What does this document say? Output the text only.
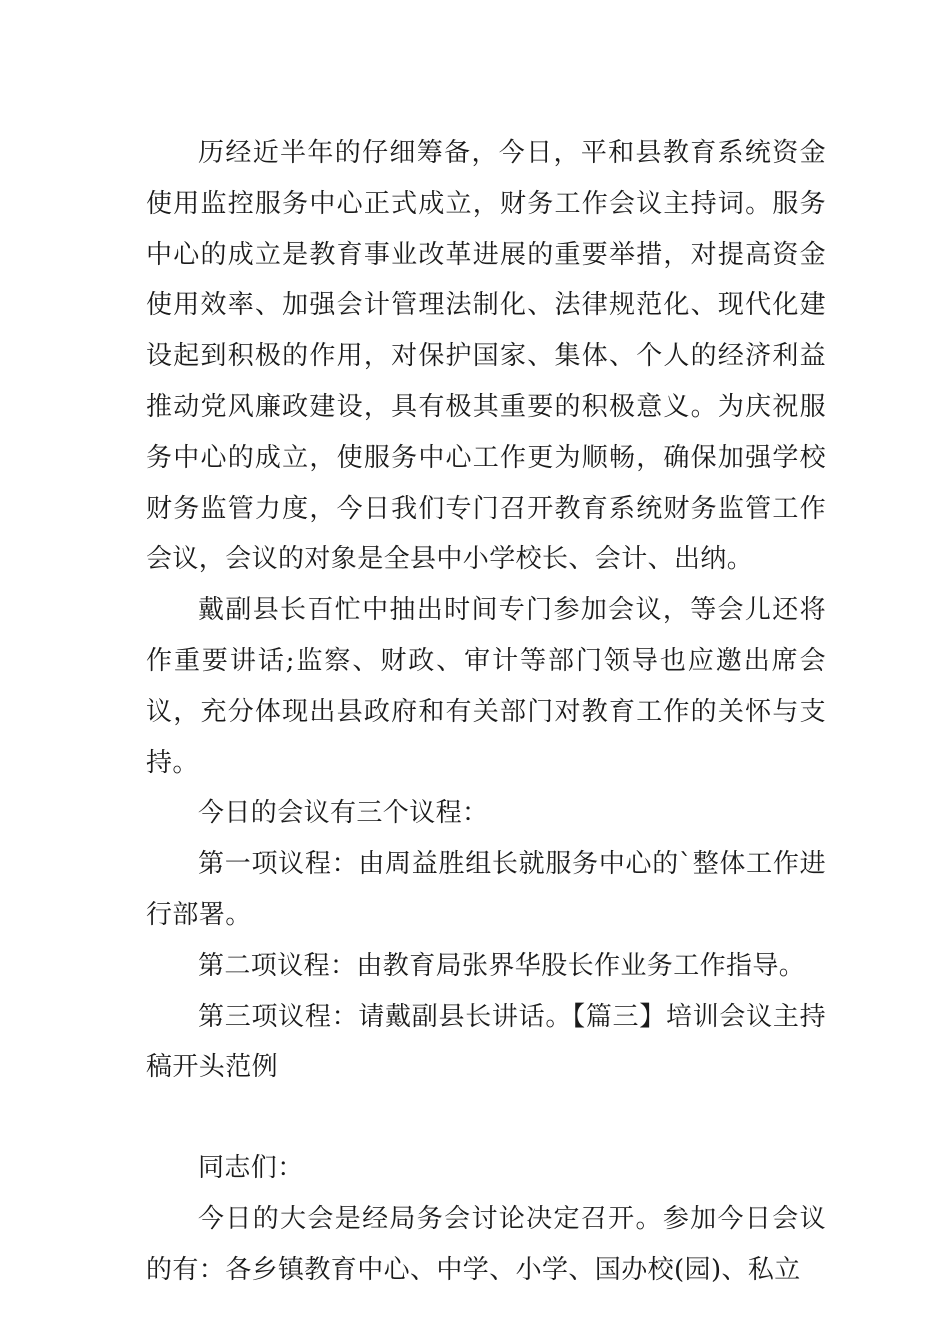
历经近半年的仔细筹备，今日，平和县教育系统资金使用监控服务中心正式成立，财务工作会议主持词。服务中心的成立是教育事业改革进展的重要举措，对提高资金使用效率、加强会计管理法制化、法律规范化、现代化建设起到积极的作用，对保护国家、集体、个人的经济利益推动党风廉政建设，具有极其重要的积极意义。为庆祝服务中心的成立，使服务中心工作更为顺畅，确保加强学校财务监管力度，今日我们专门召开教育系统财务监管工作会议，会议的对象是全县中小学校长、会计、出纳。

戴副县长百忙中抽出时间专门参加会议，等会儿还将作重要讲话;监察、财政、审计等部门领导也应邀出席会议，充分体现出县政府和有关部门对教育工作的关怀与支持。

今日的会议有三个议程：

第一项议程：由周益胜组长就服务中心的`整体工作进行部署。

第二项议程：由教育局张界华股长作业务工作指导。

第三项议程：请戴副县长讲话。【篇三】培训会议主持稿开头范例

同志们：

今日的大会是经局务会讨论决定召开。参加今日会议的有：各乡镇教育中心、中学、小学、国办校(园)、私立
